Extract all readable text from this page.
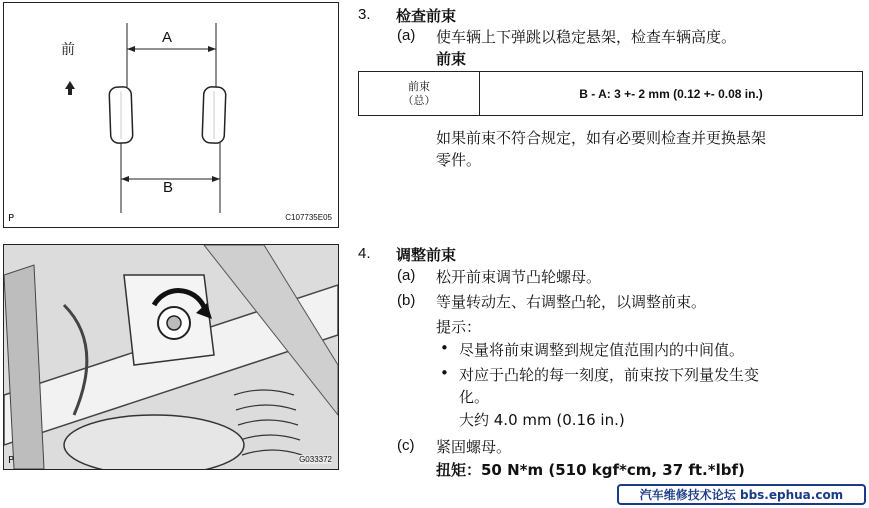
前
A
B
P	C107735E05
P	G033372
3. 检查前束
(a) 使车辆上下弹跳以稳定悬架，检查车辆高度。
前束
前束
（总）	B - A: 3 +- 2 mm (0.12 +- 0.08 in.)
如果前束不符合规定，如有必要则检查并更换悬架
零件。
4. 调整前束
(a) 松开前束调节凸轮螺母。
(b) 等量转动左、右调整凸轮，以调整前束。
提示：
• 尽量将前束调整到规定值范围内的中间值。
• 对应于凸轮的每一刻度，前束按下列量发生变
化。
大约 4.0 mm (0.16 in.)
(c) 紧固螺母。
扭矩：50 N*m (510 kgf*cm, 37 ft.*lbf)
汽车维修技术论坛 bbs.ephua.com
